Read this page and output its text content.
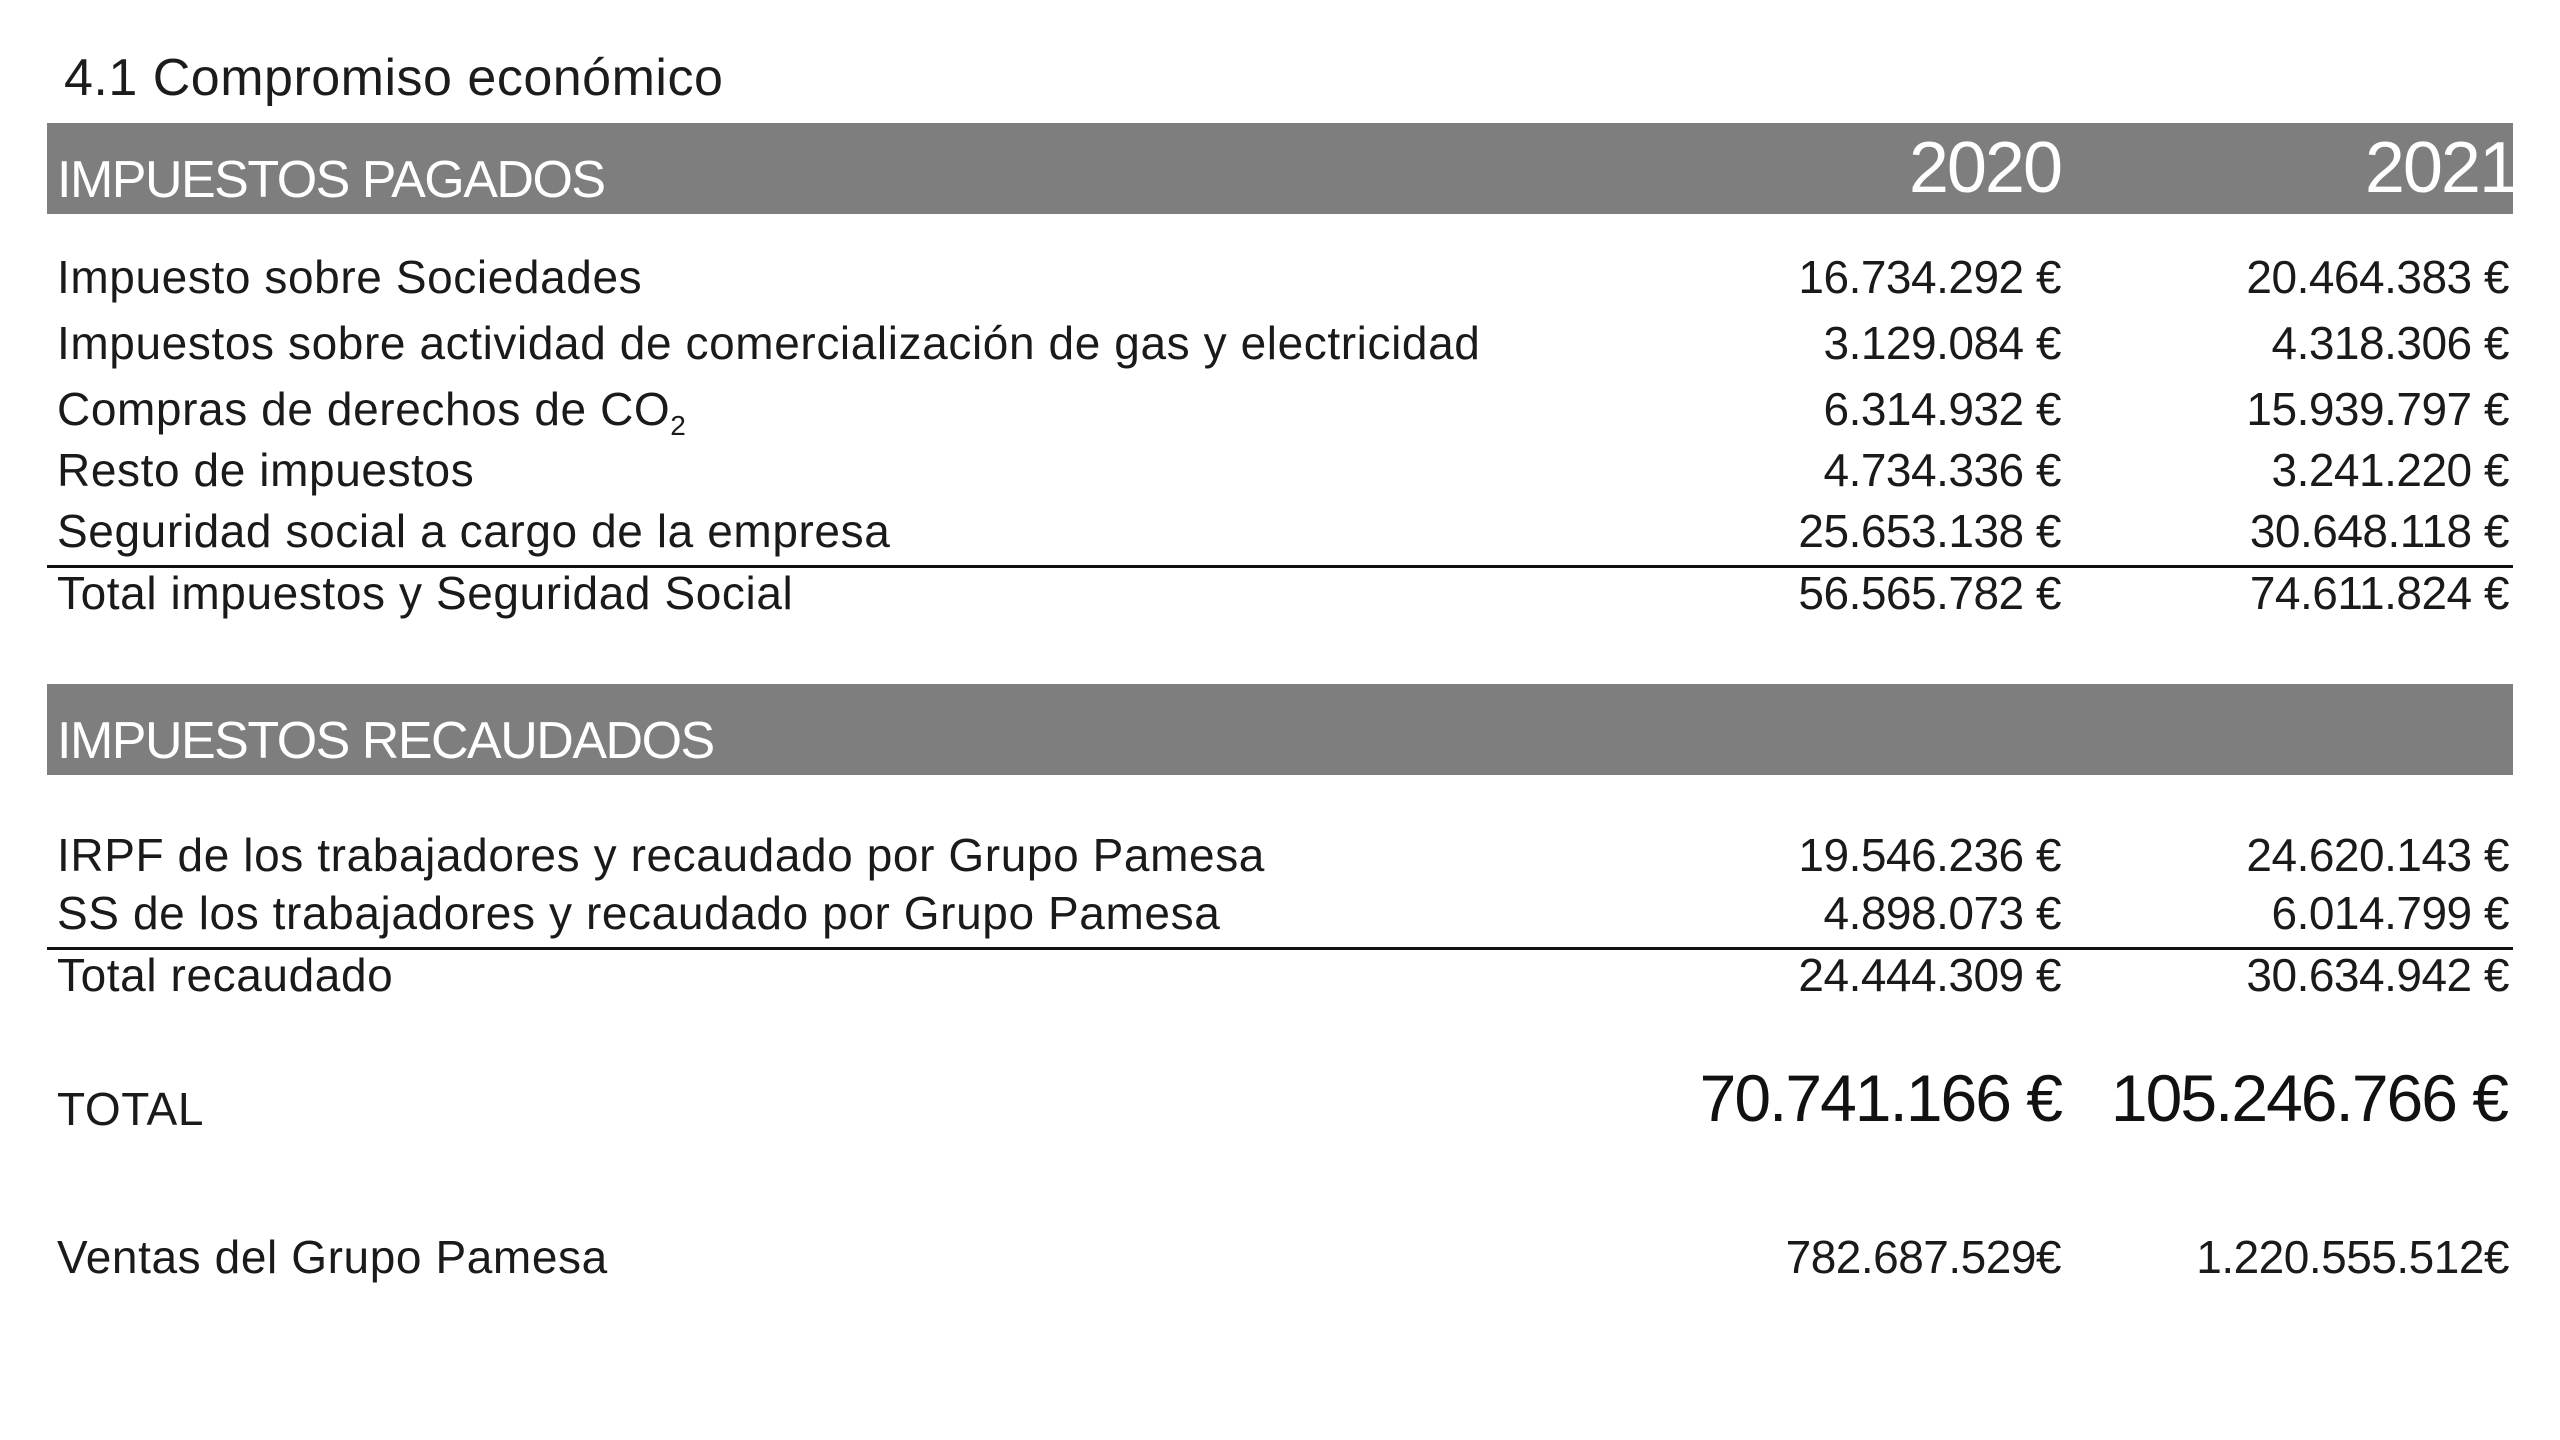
4.1 Compromiso económico
IMPUESTOS PAGADOS	2020	2021
Impuesto sobre Sociedades	16.734.292 €	20.464.383 €
Impuestos sobre actividad de comercialización de gas y electricidad	3.129.084 €	4.318.306 €
Compras de derechos de $CO_2$	6.314.932 €	15.939.797 €
Resto de impuestos	4.734.336 €	3.241.220 €
Seguridad social a cargo de la empresa	25.653.138 €	30.648.118 €
Total impuestos y Seguridad Social	56.565.782 €	74.611.824 €
IMPUESTOS RECAUDADOS
IRPF de los trabajadores y recaudado por Grupo Pamesa	19.546.236 €	24.620.143 €
SS de los trabajadores y recaudado por Grupo Pamesa	4.898.073 €	6.014.799 €
Total recaudado	24.444.309 €	30.634.942 €
TOTAL	70.741.166 € 105.246.766 €
Ventas del Grupo Pamesa	782.687.529€	1.220.555.512€
